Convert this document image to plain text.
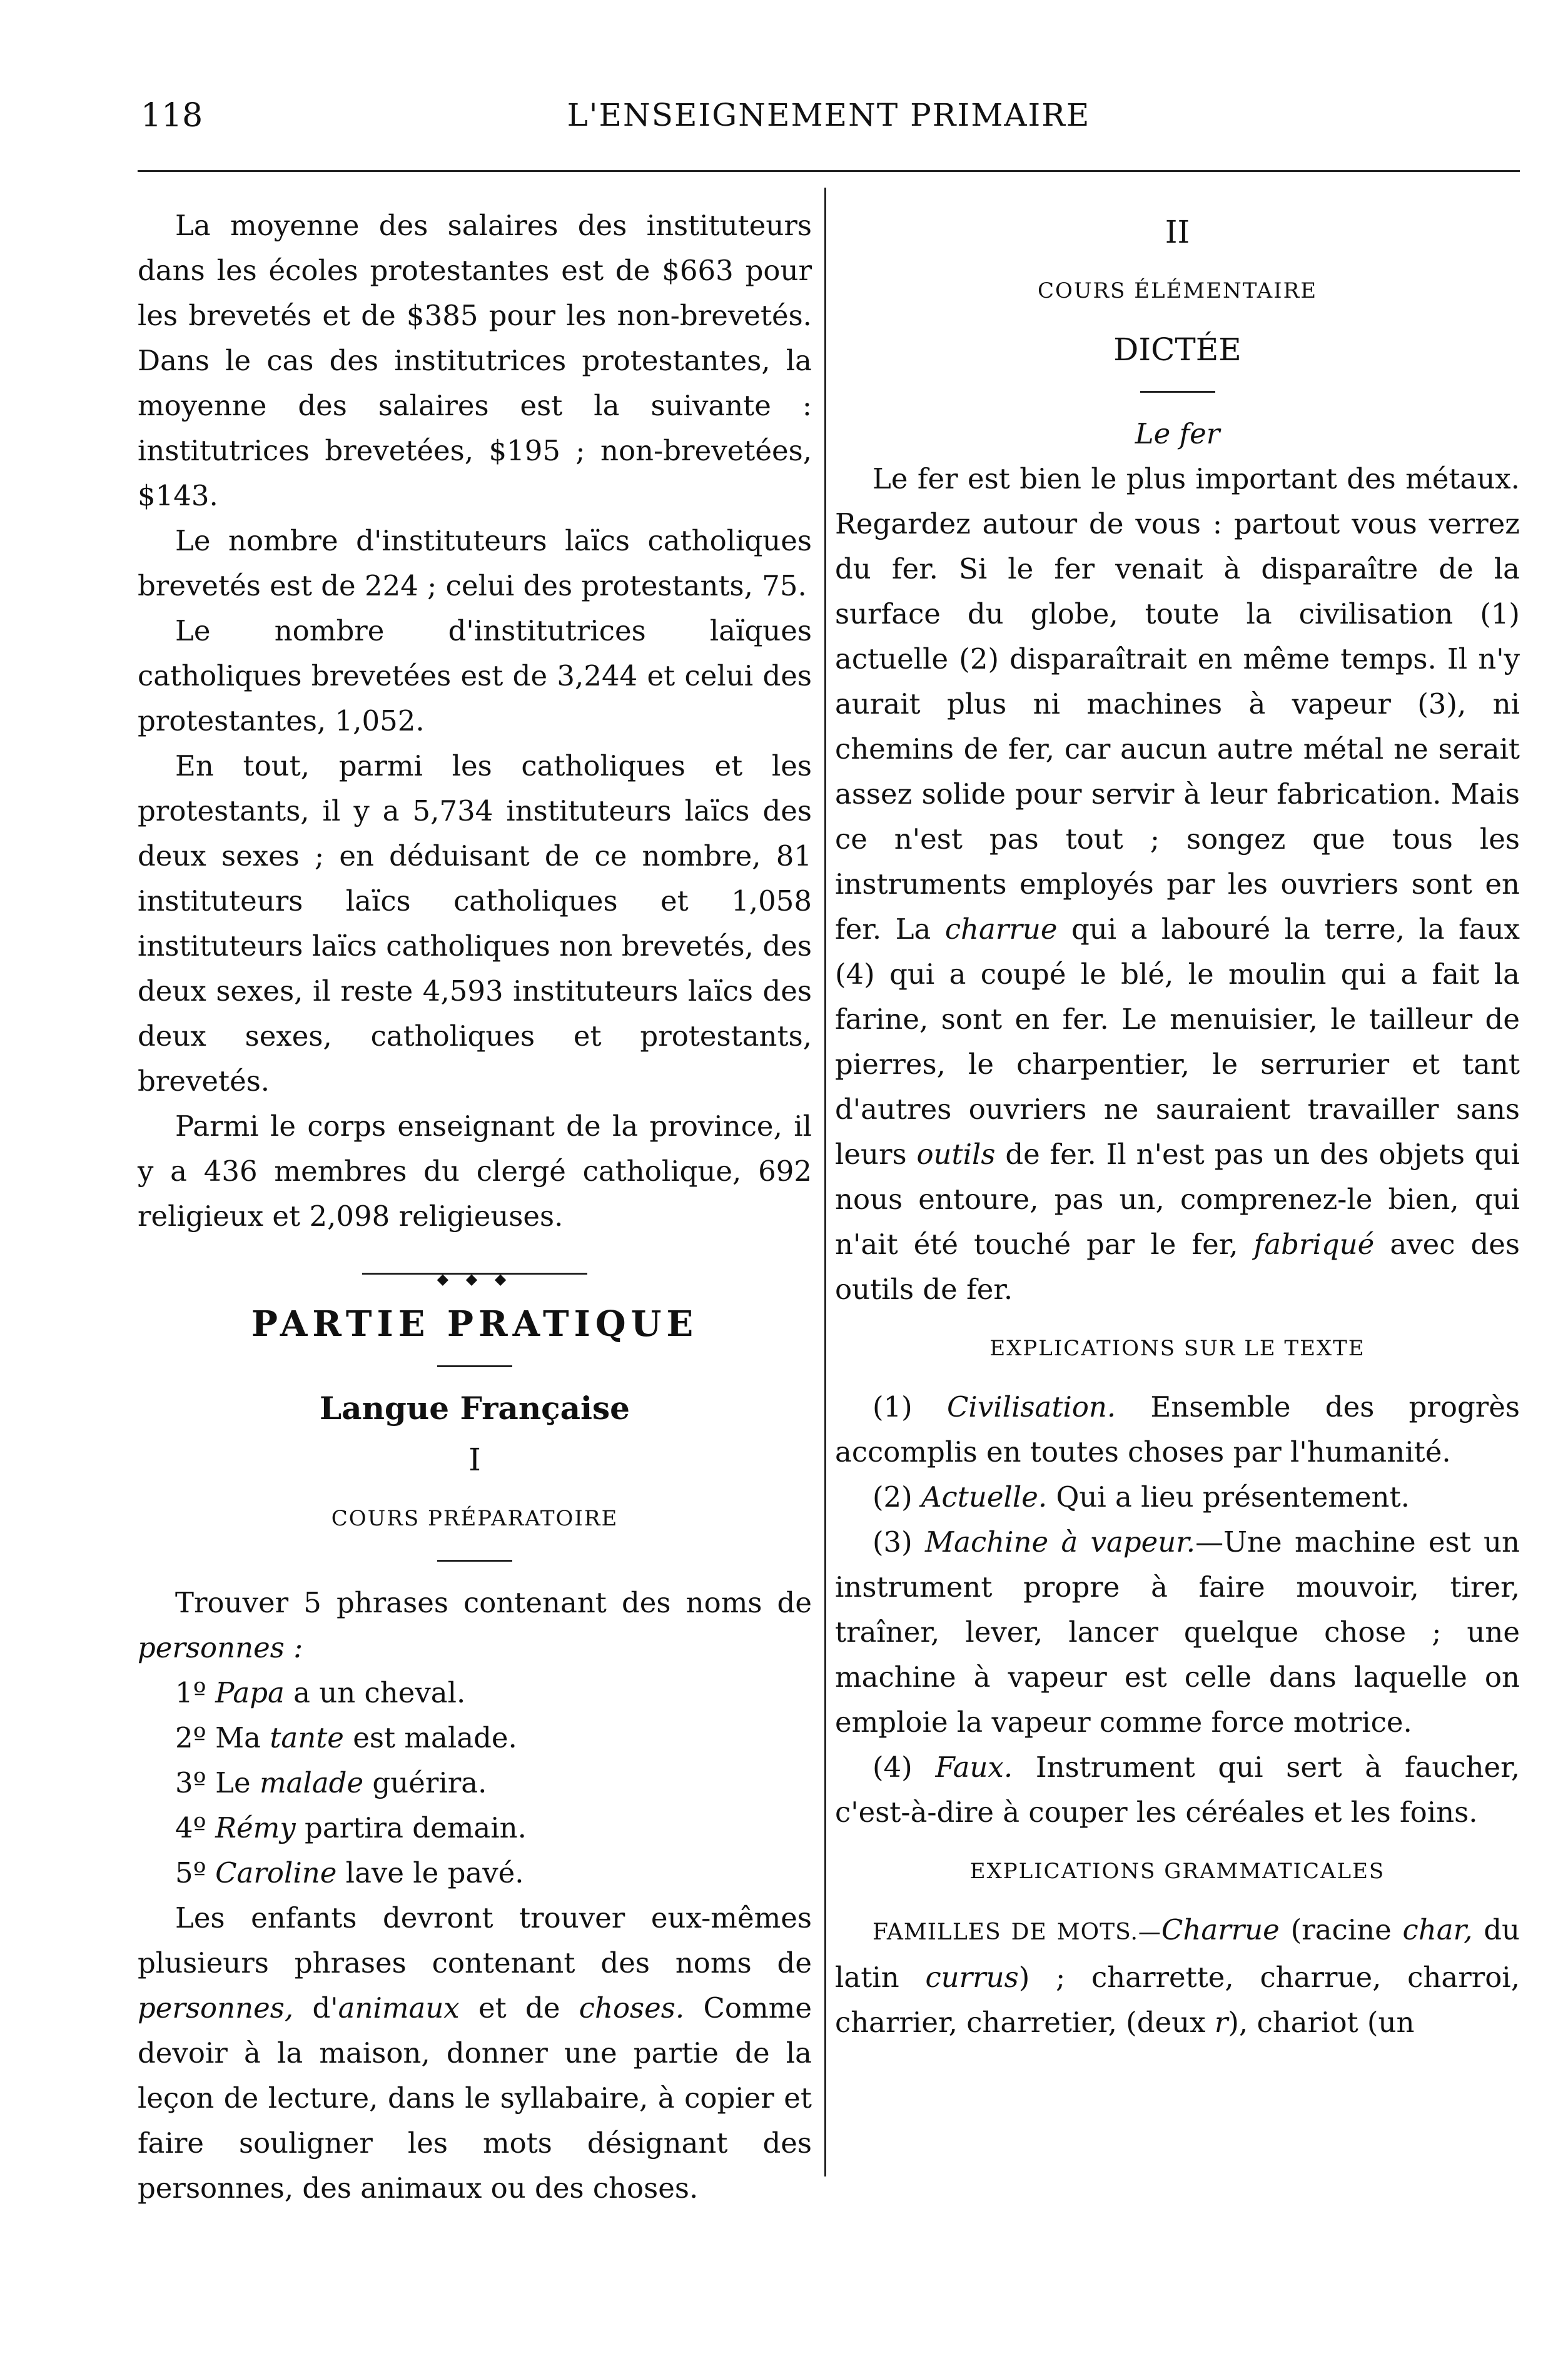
118	L'ENSEIGNEMENT PRIMAIRE

La moyenne des salaires des instituteurs dans les écoles protestantes est de $663 pour les brevetés et de $385 pour les non-brevetés. Dans le cas des institutrices protestantes, la moyenne des salaires est la suivante : institutrices brevetées, $195 ; non-brevetées, $143.

Le nombre d'instituteurs laïcs catholiques brevetés est de 224 ; celui des protestants, 75.

Le nombre d'institutrices laïques catholiques brevetées est de 3,244 et celui des protestantes, 1,052.

En tout, parmi les catholiques et les protestants, il y a 5,734 instituteurs laïcs des deux sexes ; en déduisant de ce nombre, 81 instituteurs laïcs catholiques et 1,058 instituteurs laïcs catholiques non brevetés, des deux sexes, il reste 4,593 instituteurs laïcs des deux sexes, catholiques et protestants, brevetés.

Parmi le corps enseignant de la province, il y a 436 membres du clergé catholique, 692 religieux et 2,098 religieuses.

◆ ◆ ◆
PARTIE PRATIQUE
Langue Française
I
COURS PRÉPARATOIRE

Trouver 5 phrases contenant des noms de personnes :

1º Papa a un cheval.

2º Ma tante est malade.

3º Le malade guérira.

4º Rémy partira demain.

5º Caroline lave le pavé.

Les enfants devront trouver eux-mêmes plusieurs phrases contenant des noms de personnes, d'animaux et de choses. Comme devoir à la maison, donner une partie de la leçon de lecture, dans le syllabaire, à copier et faire souligner les mots désignant des personnes, des animaux ou des choses.

II
COURS ÉLÉMENTAIRE
DICTÉE

Le fer

Le fer est bien le plus important des métaux. Regardez autour de vous : partout vous verrez du fer. Si le fer venait à disparaître de la surface du globe, toute la civilisation (1) actuelle (2) disparaîtrait en même temps. Il n'y aurait plus ni machines à vapeur (3), ni chemins de fer, car aucun autre métal ne serait assez solide pour servir à leur fabrication. Mais ce n'est pas tout ; songez que tous les instruments employés par les ouvriers sont en fer. La charrue qui a labouré la terre, la faux (4) qui a coupé le blé, le moulin qui a fait la farine, sont en fer. Le menuisier, le tailleur de pierres, le charpentier, le serrurier et tant d'autres ouvriers ne sauraient travailler sans leurs outils de fer. Il n'est pas un des objets qui nous entoure, pas un, comprenez-le bien, qui n'ait été touché par le fer, fabriqué avec des outils de fer.

EXPLICATIONS SUR LE TEXTE

(1) Civilisation. Ensemble des progrès accomplis en toutes choses par l'humanité.

(2) Actuelle. Qui a lieu présentement.

(3) Machine à vapeur.—Une machine est un instrument propre à faire mouvoir, tirer, traîner, lever, lancer quelque chose ; une machine à vapeur est celle dans laquelle on emploie la vapeur comme force motrice.

(4) Faux. Instrument qui sert à faucher, c'est-à-dire à couper les céréales et les foins.

EXPLICATIONS GRAMMATICALES

FAMILLES DE MOTS.—Charrue (racine char, du latin currus) ; charrette, charrue, charroi, charrier, charretier, (deux r), chariot (un
